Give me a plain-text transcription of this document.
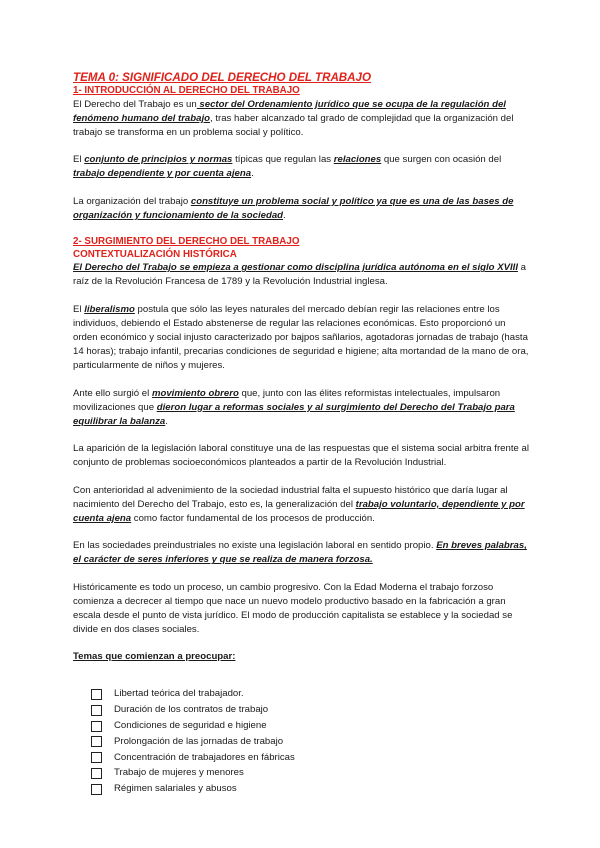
TEMA 0: SIGNIFICADO DEL DERECHO DEL TRABAJO
1- INTRODUCCIÓN AL DERECHO DEL TRABAJO

El Derecho del Trabajo es un sector del Ordenamiento jurídico que se ocupa de la regulación del fenómeno humano del trabajo, tras haber alcanzado tal grado de complejidad que la organización del trabajo se transforma en un problema social y político.

El conjunto de principios y normas típicas que regulan las relaciones que surgen con ocasión del trabajo dependiente y por cuenta ajena.

La organización del trabajo constituye un problema social y político ya que es una de las bases de organización y funcionamiento de la sociedad.

2- SURGIMIENTO DEL DERECHO DEL TRABAJO
CONTEXTUALIZACIÓN HISTÓRICA

El Derecho del Trabajo se empieza a gestionar como disciplina jurídica autónoma en el siglo XVIII a raíz de la Revolución Francesa de 1789 y la Revolución Industrial inglesa.

El liberalismo postula que sólo las leyes naturales del mercado debían regir las relaciones entre los individuos, debiendo el Estado abstenerse de regular las relaciones económicas. Esto proporcionó un orden económico y social injusto caracterizado por bajpos sañlarios, agotadoras jornadas de trabajo (hasta 14 horas); trabajo infantil, precarias condiciones de seguridad e higiene; alta mortandad de la mano de ora, particularmente de niños y mujeres.

Ante ello surgió el movimiento obrero que, junto con las élites reformistas intelectuales, impulsaron movilizaciones que dieron lugar a reformas sociales y al surgimiento del Derecho del Trabajo para equilibrar la balanza.

La aparición de la legislación laboral constituye una de las respuestas que el sistema social arbitra frente al conjunto de problemas socioeconómicos planteados a partir de la Revolución Industrial.

Con anterioridad al advenimiento de la sociedad industrial falta el supuesto histórico que daría lugar al nacimiento del Derecho del Trabajo, esto es, la generalización del trabajo voluntario, dependiente y por cuenta ajena como factor fundamental de los procesos de producción.

En las sociedades preindustriales no existe una legislación laboral en sentido propio. En breves palabras, el carácter de seres inferiores y que se realiza de manera forzosa.

Históricamente es todo un proceso, un cambio progresivo. Con la Edad Moderna el trabajo forzoso comienza a decrecer al tiempo que nace un nuevo modelo productivo basado en la fabricación a gran escala desde el punto de vista jurídico. El modo de producción capitalista se establece y la sociedad se divide en dos clases sociales.

Temas que comienzan a preocupar:

Libertad teórica del trabajador.
Duración de los contratos de trabajo
Condiciones de seguridad e higiene
Prolongación de las jornadas de trabajo
Concentración de trabajadores en fábricas
Trabajo de mujeres y menores
Régimen salariales y abusos
